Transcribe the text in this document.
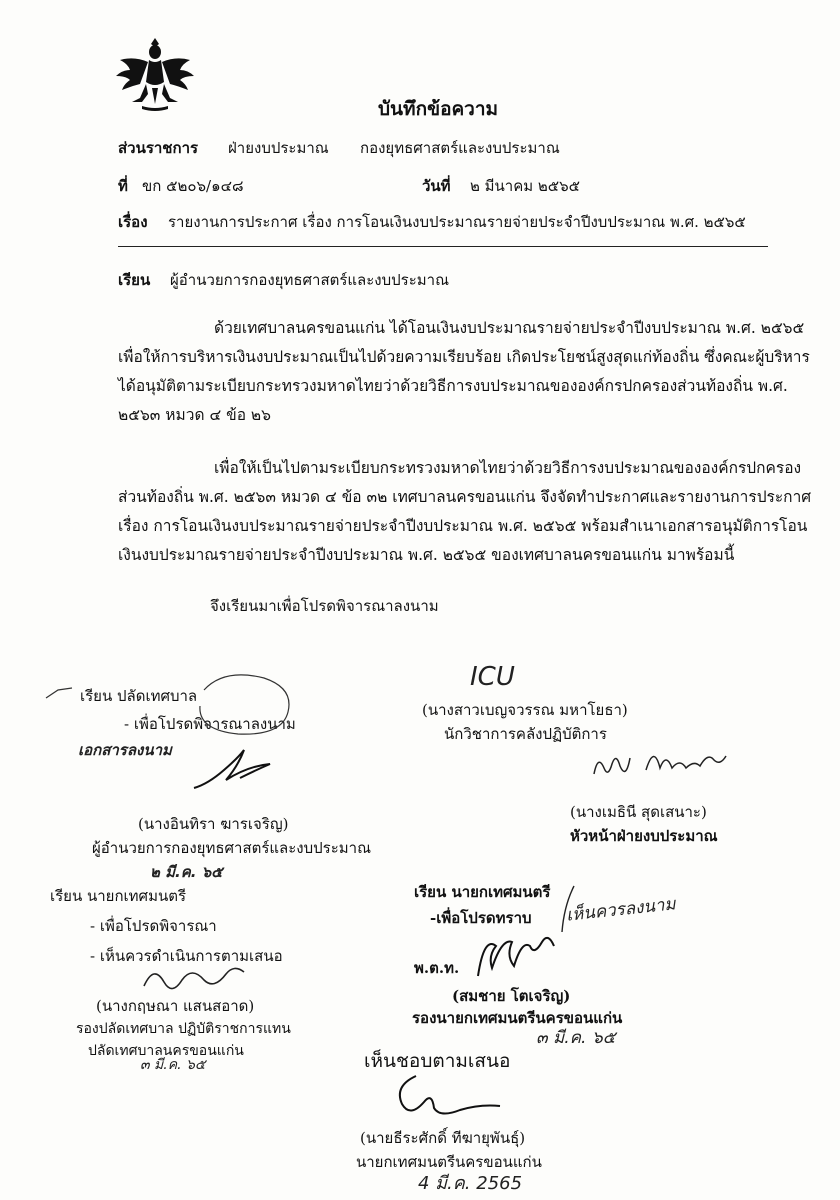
บันทึกข้อความ
ส่วนราชการ ฝ่ายงบประมาณ กองยุทธศาสตร์และงบประมาณ
ที่ ขก ๕๒๐๖/๑๔๘	วันที่ ๒ มีนาคม ๒๕๖๕
เรื่อง รายงานการประกาศ เรื่อง การโอนเงินงบประมาณรายจ่ายประจำปีงบประมาณ พ.ศ. ๒๕๖๕
เรียน ผู้อำนวยการกองยุทธศาสตร์และงบประมาณ

ด้วยเทศบาลนครขอนแก่น ได้โอนเงินงบประมาณรายจ่ายประจำปีงบประมาณ พ.ศ. ๒๕๖๕

เพื่อให้การบริหารเงินงบประมาณเป็นไปด้วยความเรียบร้อย เกิดประโยชน์สูงสุดแก่ท้องถิ่น ซึ่งคณะผู้บริหาร

ได้อนุมัติตามระเบียบกระทรวงมหาดไทยว่าด้วยวิธีการงบประมาณขององค์กรปกครองส่วนท้องถิ่น พ.ศ.

๒๕๖๓ หมวด ๔ ข้อ ๒๖

เพื่อให้เป็นไปตามระเบียบกระทรวงมหาดไทยว่าด้วยวิธีการงบประมาณขององค์กรปกครอง

ส่วนท้องถิ่น พ.ศ. ๒๕๖๓ หมวด ๔ ข้อ ๓๒ เทศบาลนครขอนแก่น จึงจัดทำประกาศและรายงานการประกาศ

เรื่อง การโอนเงินงบประมาณรายจ่ายประจำปีงบประมาณ พ.ศ. ๒๕๖๕ พร้อมสำเนาเอกสารอนุมัติการโอน

เงินงบประมาณรายจ่ายประจำปีงบประมาณ พ.ศ. ๒๕๖๕ ของเทศบาลนครขอนแก่น มาพร้อมนี้

จึงเรียนมาเพื่อโปรดพิจารณาลงนาม
ICU
(นางสาวเบญจวรรณ มหาโยธา)
นักวิชาการคลังปฏิบัติการ
(นางเมธินี สุดเสนาะ)
หัวหน้าฝ่ายงบประมาณ
เรียน ปลัดเทศบาล
- เพื่อโปรดพิจารณาลงนาม
เอกสารลงนาม
(นางอินทิรา ฆารเจริญ)
ผู้อำนวยการกองยุทธศาสตร์และงบประมาณ
๒ มี.ค. ๖๕
เรียน นายกเทศมนตรี
- เพื่อโปรดพิจารณา
- เห็นควรดำเนินการตามเสนอ
(นางกฤษณา แสนสอาด)
รองปลัดเทศบาล ปฏิบัติราชการแทน
ปลัดเทศบาลนครขอนแก่น
๓ มี.ค. ๖๕
เรียน นายกเทศมนตรี
-เพื่อโปรดทราบ เห็นควรลงนาม
พ.ต.ท.
(สมชาย โตเจริญ)
รองนายกเทศมนตรีนครขอนแก่น
๓ มี.ค. ๖๕
เห็นชอบตามเสนอ
(นายธีระศักดิ์ ทีฆายุพันธุ์)
นายกเทศมนตรีนครขอนแก่น
4 มี.ค. 2565
